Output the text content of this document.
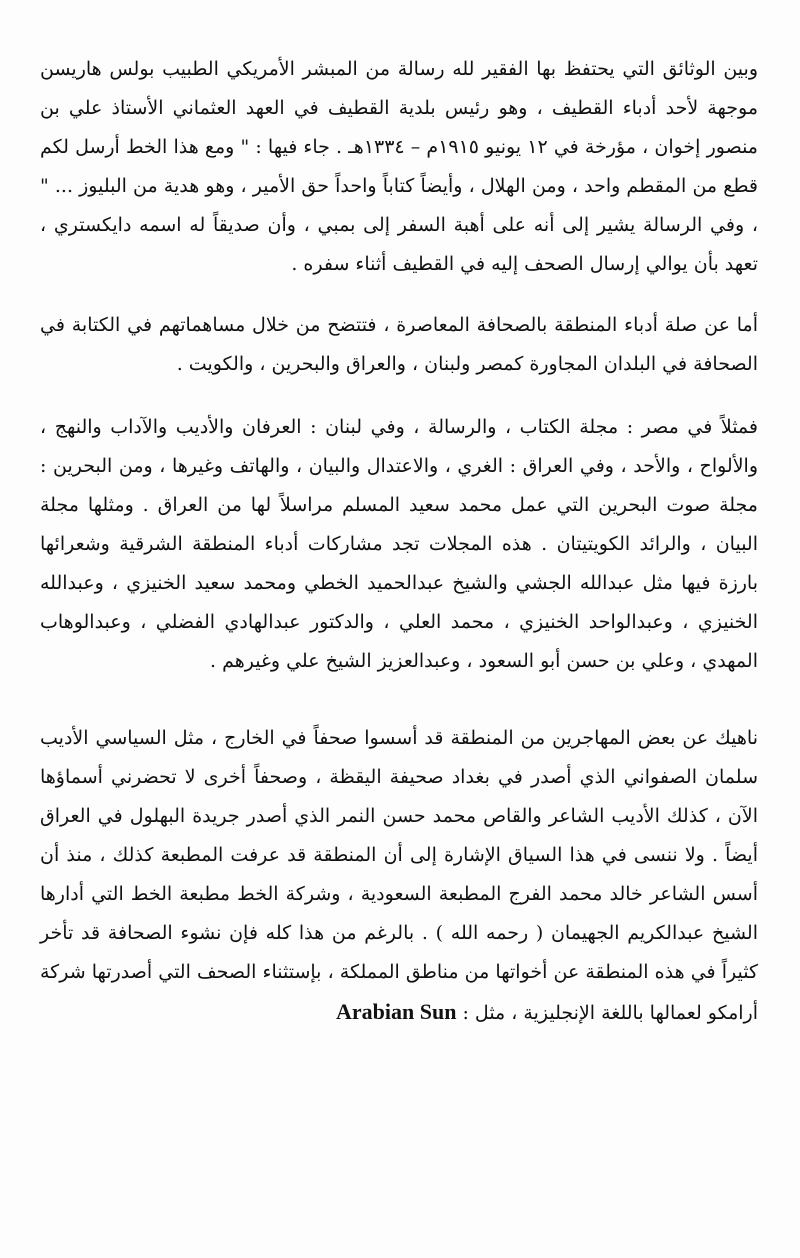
وبين الوثائق التي يحتفظ بها الفقير لله رسالة من المبشر الأمريكي الطبيب بولس هاريسن موجهة لأحد أدباء القطيف ، وهو رئيس بلدية القطيف في العهد العثماني الأستاذ علي بن منصور إخوان ، مؤرخة في ١٢ يونيو ١٩١٥م – ١٣٣٤هـ . جاء فيها : " ومع هذا الخط أرسل لكم قطع من المقطم واحد ، ومن الهلال ، وأيضاً كتاباً واحداً حق الأمير ، وهو هدية من البليوز ... " ، وفي الرسالة يشير إلى أنه على أهبة السفر إلى بمبي ، وأن صديقاً له اسمه دايكستري ، تعهد بأن يوالي إرسال الصحف إليه في القطيف أثناء سفره .

أما عن صلة أدباء المنطقة بالصحافة المعاصرة ، فتتضح من خلال مساهماتهم في الكتابة في الصحافة في البلدان المجاورة كمصر ولبنان ، والعراق والبحرين ، والكويت .

فمثلاً في مصر : مجلة الكتاب ، والرسالة ، وفي لبنان : العرفان والأديب والآداب والنهج ، والألواح ، والأحد ، وفي العراق : الغري ، والاعتدال والبيان ، والهاتف وغيرها ، ومن البحرين : مجلة صوت البحرين التي عمل محمد سعيد المسلم مراسلاً لها من العراق . ومثلها مجلة البيان ، والرائد الكويتيتان . هذه المجلات تجد مشاركات أدباء المنطقة الشرقية وشعرائها بارزة فيها مثل عبدالله الجشي والشيخ عبدالحميد الخطي ومحمد سعيد الخنيزي ، وعبدالله الخنيزي ، وعبدالواحد الخنيزي ، محمد العلي ، والدكتور عبدالهادي الفضلي ، وعبدالوهاب المهدي ، وعلي بن حسن أبو السعود ، وعبدالعزيز الشيخ علي وغيرهم .

ناهيك عن بعض المهاجرين من المنطقة قد أسسوا صحفاً في الخارج ، مثل السياسي الأديب سلمان الصفواني الذي أصدر في بغداد صحيفة اليقظة ، وصحفاً أخرى لا تحضرني أسماؤها الآن ، كذلك الأديب الشاعر والقاص محمد حسن النمر الذي أصدر جريدة البهلول في العراق أيضاً . ولا ننسى في هذا السياق الإشارة إلى أن المنطقة قد عرفت المطبعة كذلك ، منذ أن أسس الشاعر خالد محمد الفرج المطبعة السعودية ، وشركة الخط مطبعة الخط التي أدارها الشيخ عبدالكريم الجهيمان ( رحمه الله ) . بالرغم من هذا كله فإن نشوء الصحافة قد تأخر كثيراً في هذه المنطقة عن أخواتها من مناطق المملكة ، بإستثناء الصحف التي أصدرتها شركة أرامكو لعمالها باللغة الإنجليزية ، مثل : Arabian Sun
